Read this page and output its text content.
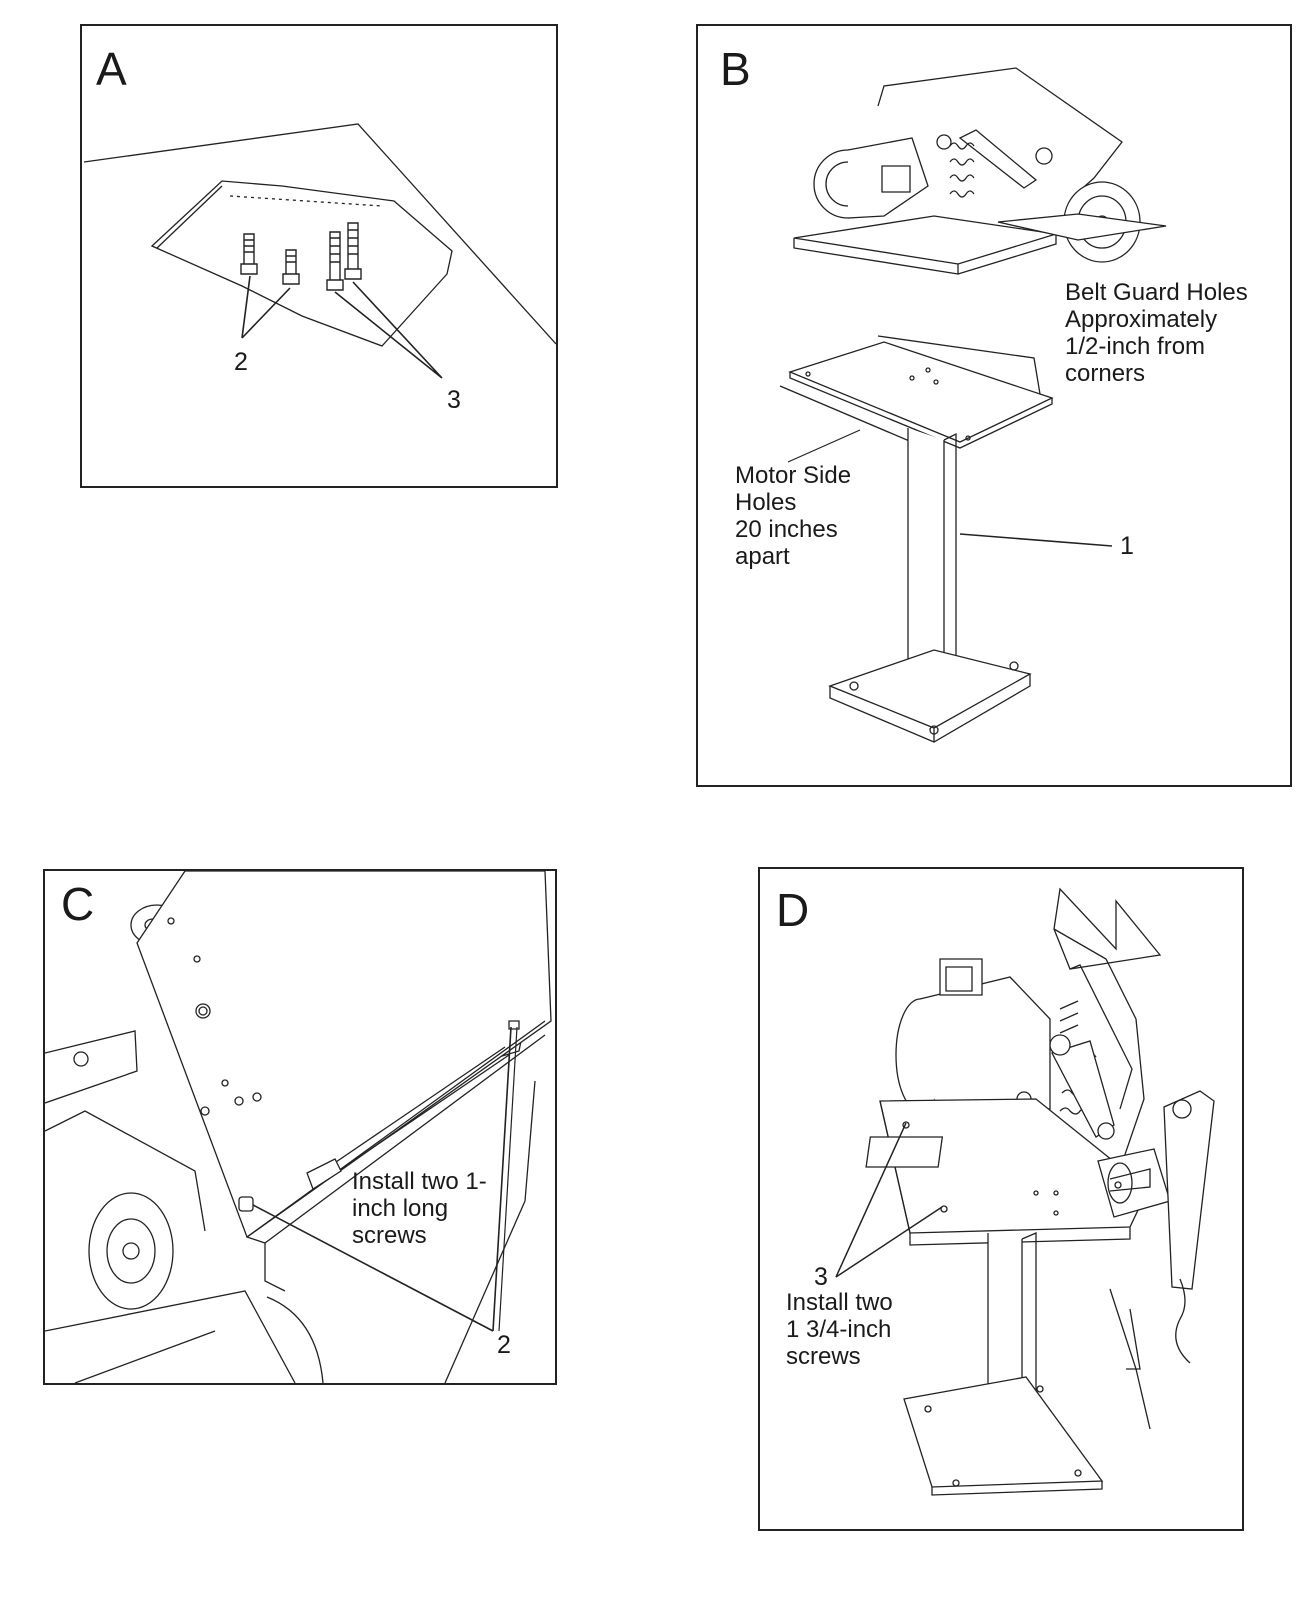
A
2
3
B
Belt Guard Holes
Approximately
1/2-inch from
corners
Motor Side
Holes
20 inches
apart	1
C
Install two 1-
inch long
screws
2
D
3
Install two
1 3/4-inch
screws
